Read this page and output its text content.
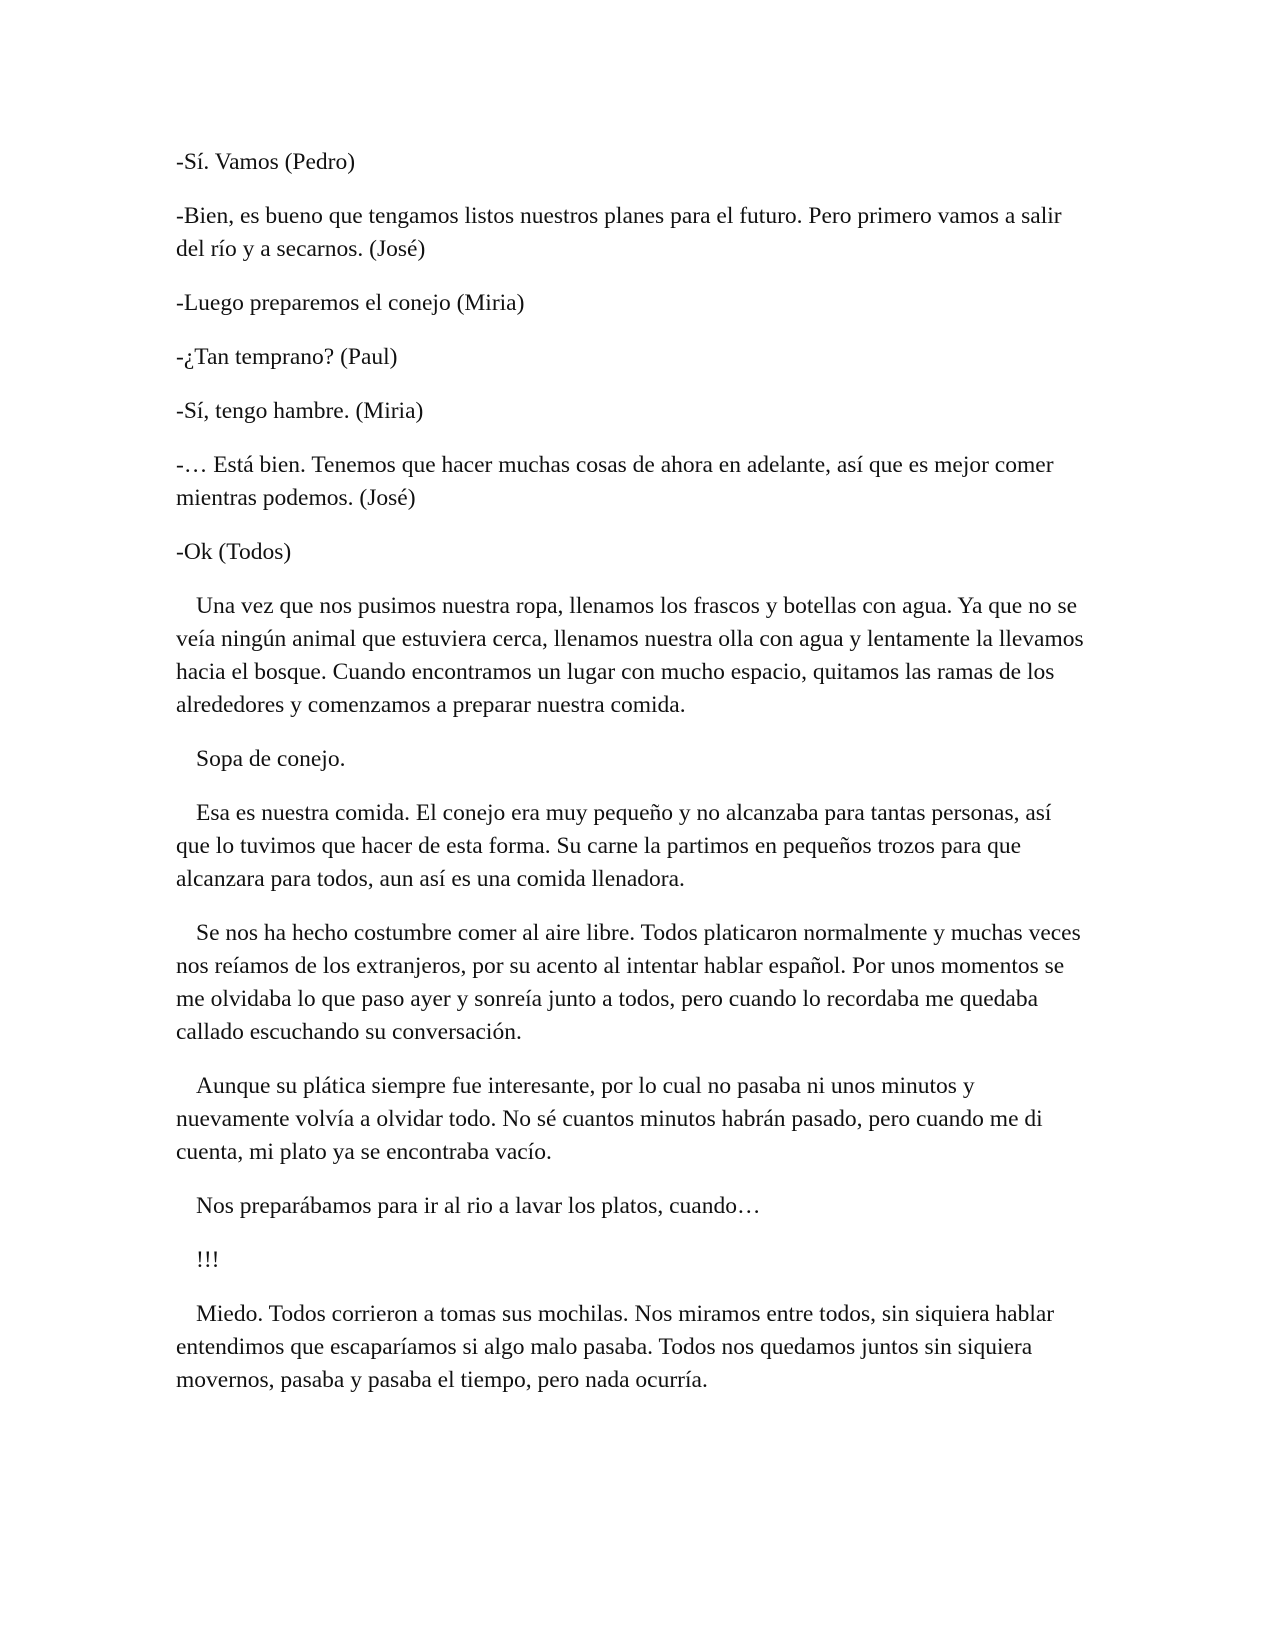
-Sí. Vamos (Pedro)

-Bien, es bueno que tengamos listos nuestros planes para el futuro. Pero primero vamos a salir del río y a secarnos. (José)

-Luego preparemos el conejo (Miria)

-¿Tan temprano? (Paul)

-Sí, tengo hambre. (Miria)

-… Está bien. Tenemos que hacer muchas cosas de ahora en adelante, así que es mejor comer mientras podemos. (José)

-Ok (Todos)

Una vez que nos pusimos nuestra ropa, llenamos los frascos y botellas con agua. Ya que no se veía ningún animal que estuviera cerca, llenamos nuestra olla con agua y lentamente la llevamos hacia el bosque. Cuando encontramos un lugar con mucho espacio, quitamos las ramas de los alrededores y comenzamos a preparar nuestra comida.

Sopa de conejo.

Esa es nuestra comida. El conejo era muy pequeño y no alcanzaba para tantas personas, así que lo tuvimos que hacer de esta forma. Su carne la partimos en pequeños trozos para que alcanzara para todos, aun así es una comida llenadora.

Se nos ha hecho costumbre comer al aire libre. Todos platicaron normalmente y muchas veces nos reíamos de los extranjeros, por su acento al intentar hablar español. Por unos momentos se me olvidaba lo que paso ayer y sonreía junto a todos, pero cuando lo recordaba me quedaba callado escuchando su conversación.

Aunque su plática siempre fue interesante, por lo cual no pasaba ni unos minutos y nuevamente volvía a olvidar todo. No sé cuantos minutos habrán pasado, pero cuando me di cuenta, mi plato ya se encontraba vacío.

Nos preparábamos para ir al rio a lavar los platos, cuando…

!!!

Miedo. Todos corrieron a tomas sus mochilas. Nos miramos entre todos, sin siquiera hablar entendimos que escaparíamos si algo malo pasaba. Todos nos quedamos juntos sin siquiera movernos, pasaba y pasaba el tiempo, pero nada ocurría.
